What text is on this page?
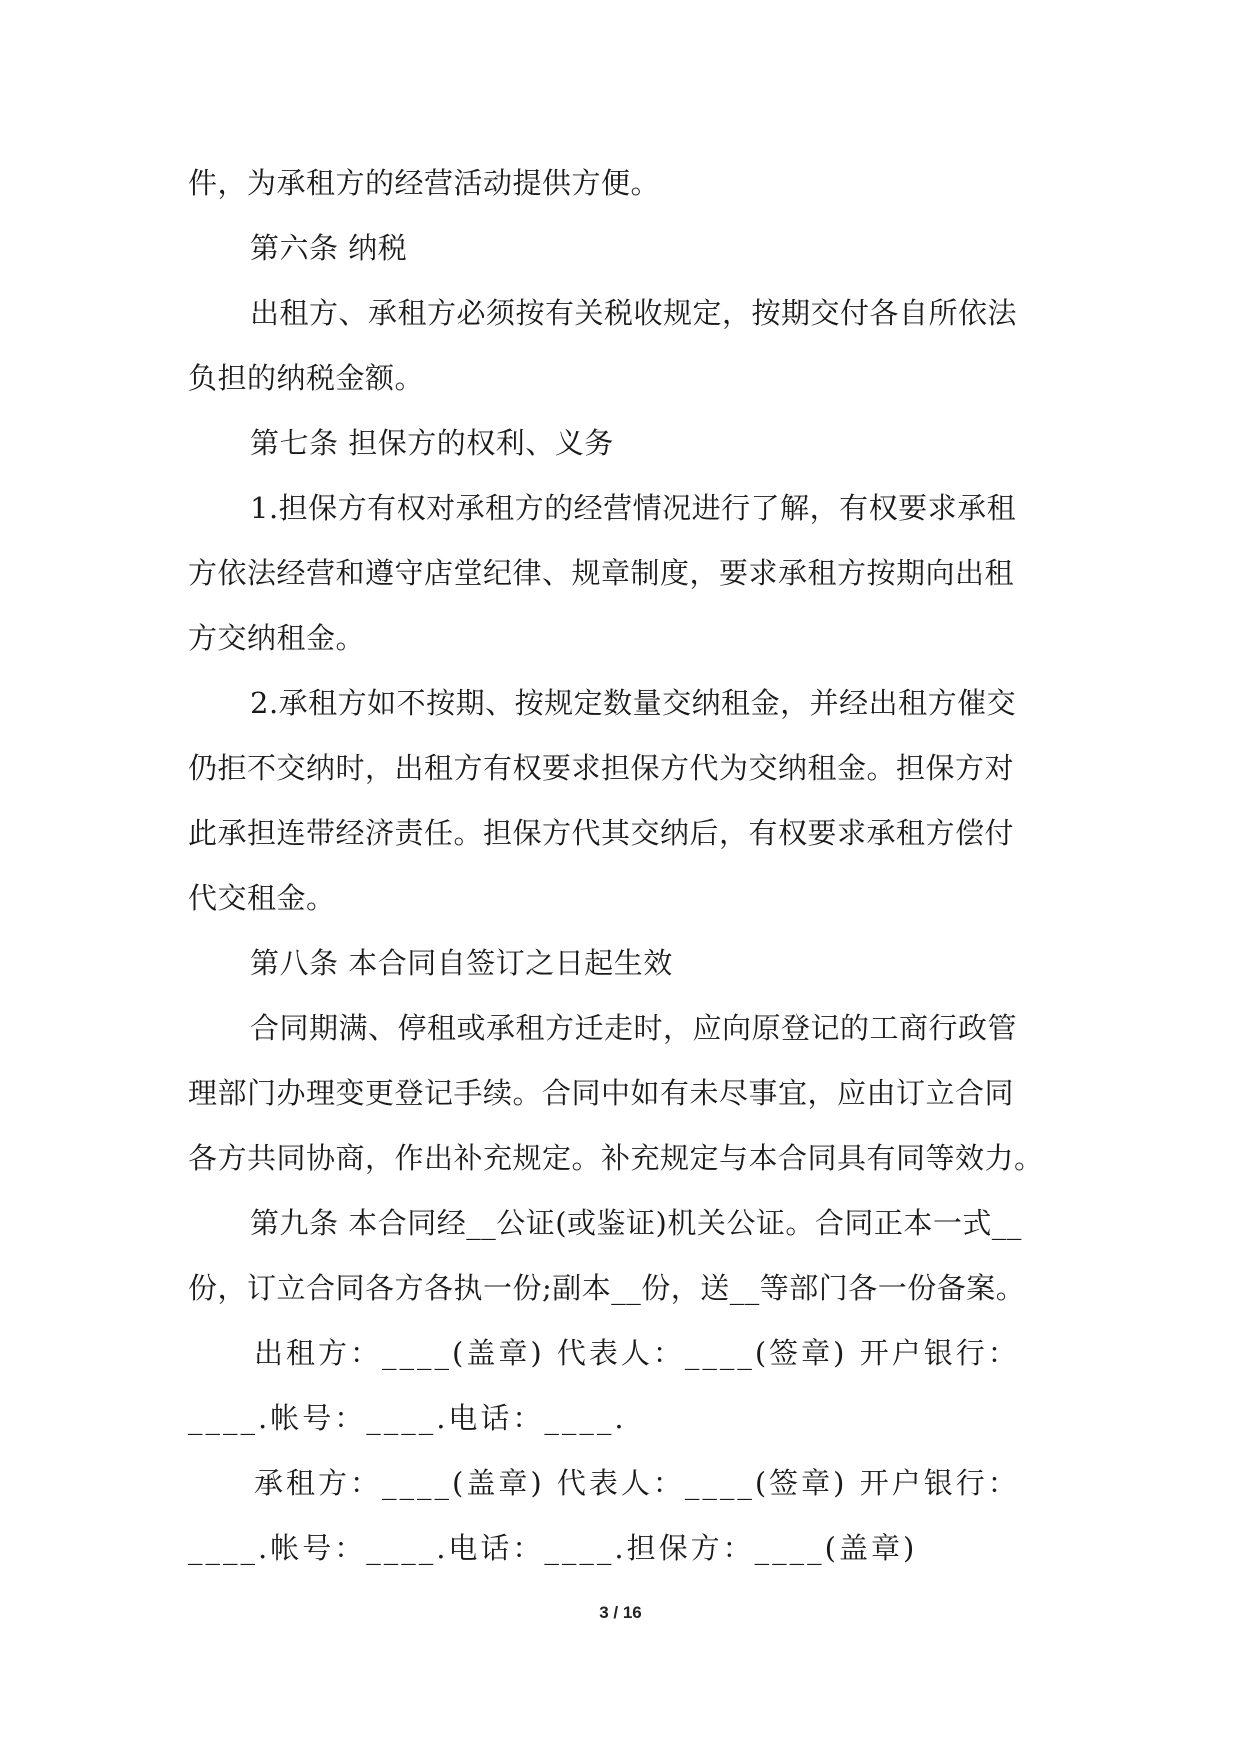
件，为承租方的经营活动提供方便。
第六条 纳税
出租方、承租方必须按有关税收规定，按期交付各自所依法
负担的纳税金额。
第七条 担保方的权利、义务
1.担保方有权对承租方的经营情况进行了解，有权要求承租
方依法经营和遵守店堂纪律、规章制度，要求承租方按期向出租
方交纳租金。
2.承租方如不按期、按规定数量交纳租金，并经出租方催交
仍拒不交纳时，出租方有权要求担保方代为交纳租金。担保方对
此承担连带经济责任。担保方代其交纳后，有权要求承租方偿付
代交租金。
第八条 本合同自签订之日起生效
合同期满、停租或承租方迁走时，应向原登记的工商行政管
理部门办理变更登记手续。合同中如有未尽事宜，应由订立合同
各方共同协商，作出补充规定。补充规定与本合同具有同等效力。
第九条 本合同经__公证(或鉴证)机关公证。合同正本一式__
份，订立合同各方各执一份;副本__份，送__等部门各一份备案。
出租方：____(盖章) 代表人：____(签章) 开户银行：
____.帐号：____.电话：____.
承租方：____(盖章) 代表人：____(签章) 开户银行：
____.帐号：____.电话：____.担保方：____(盖章)
3 / 16
